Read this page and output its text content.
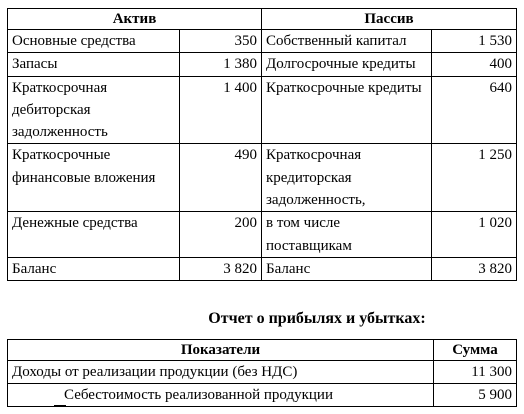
Актив		Пассив	
Основные средства	350	Собственный капитал	1 530
Запасы	1 380	Долгосрочные кредиты	400
Краткосрочная дебиторская задолженность	1 400	Краткосрочные кредиты	640
Краткосрочные финансовые вложения	490	Краткосрочная кредиторская задолженность,	1 250
Денежные средства	200	в том числе поставщикам	1 020
Баланс	3 820	Баланс	3 820
Отчет о прибылях и убытках:
Показатели	Сумма
Доходы от реализации продукции (без НДС)	11 300
Себестоимость реализованной продукции	5 900
